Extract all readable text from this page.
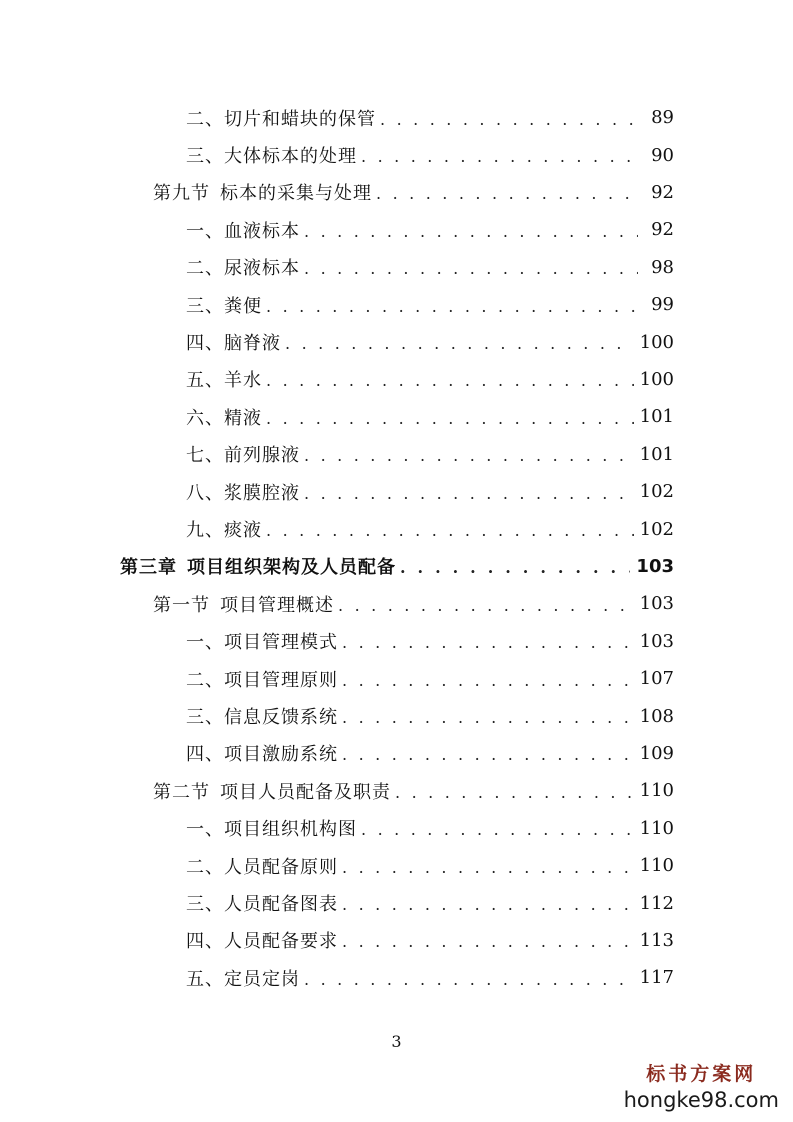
二、切片和蜡块的保管 . . .	89
三、大体标本的处理 . . .	90
第九节 标本的采集与处理 . . .	92
一、血液标本 . . .	92
二、尿液标本 . . .	98
三、粪便 . . .	99
四、脑脊液 . . .	100
五、羊水 . . .	100
六、精液 . . .	101
七、前列腺液 . . .	101
八、浆膜腔液 . . .	102
九、痰液 . . .	102
第三章 项目组织架构及人员配备 . . .	103
第一节 项目管理概述 . . .	103
一、项目管理模式 . . .	103
二、项目管理原则 . . .	107
三、信息反馈系统 . . .	108
四、项目激励系统 . . .	109
第二节 项目人员配备及职责 . . .	110
一、项目组织机构图 . . .	110
二、人员配备原则 . . .	110
三、人员配备图表 . . .	112
四、人员配备要求 . . .	113
五、定员定岗 . . .	117
3
标书方案网
hongke98.com
